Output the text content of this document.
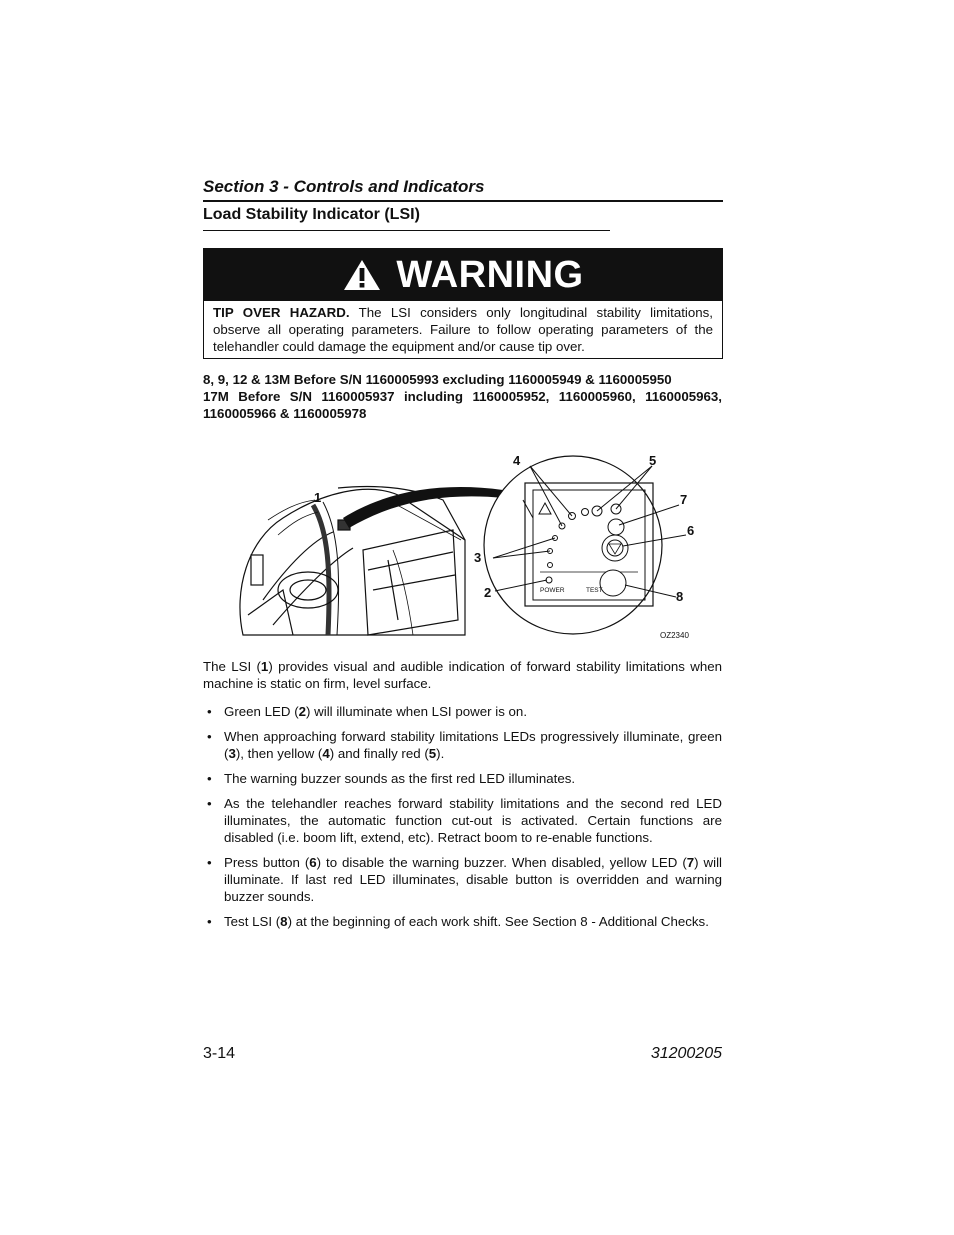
Section 3 - Controls and Indicators
Load Stability Indicator (LSI)
WARNING
TIP OVER HAZARD. The LSI considers only longitudinal stability limitations, observe all operating parameters. Failure to follow operating parameters of the telehandler could damage the equipment and/or cause tip over.

8, 9, 12 & 13M Before S/N 1160005993 excluding 1160005949 & 1160005950

17M Before S/N 1160005937 including 1160005952, 1160005960, 1160005963, 1160005966 & 1160005978

POWER	TEST
1
2
3
4	5
6
7
8
OZ2340

The LSI (1) provides visual and audible indication of forward stability limitations when machine is static on firm, level surface.

• Green LED (2) will illuminate when LSI power is on.
• When approaching forward stability limitations LEDs progressively illuminate, green (3), then yellow (4) and finally red (5).
• The warning buzzer sounds as the first red LED illuminates.
• As the telehandler reaches forward stability limitations and the second red LED illuminates, the automatic function cut-out is activated. Certain functions are disabled (i.e. boom lift, extend, etc). Retract boom to re-enable functions.
• Press button (6) to disable the warning buzzer. When disabled, yellow LED (7) will illuminate. If last red LED illuminates, disable button is overridden and warning buzzer sounds.
• Test LSI (8) at the beginning of each work shift. See Section 8 - Additional Checks.
3-14	31200205
